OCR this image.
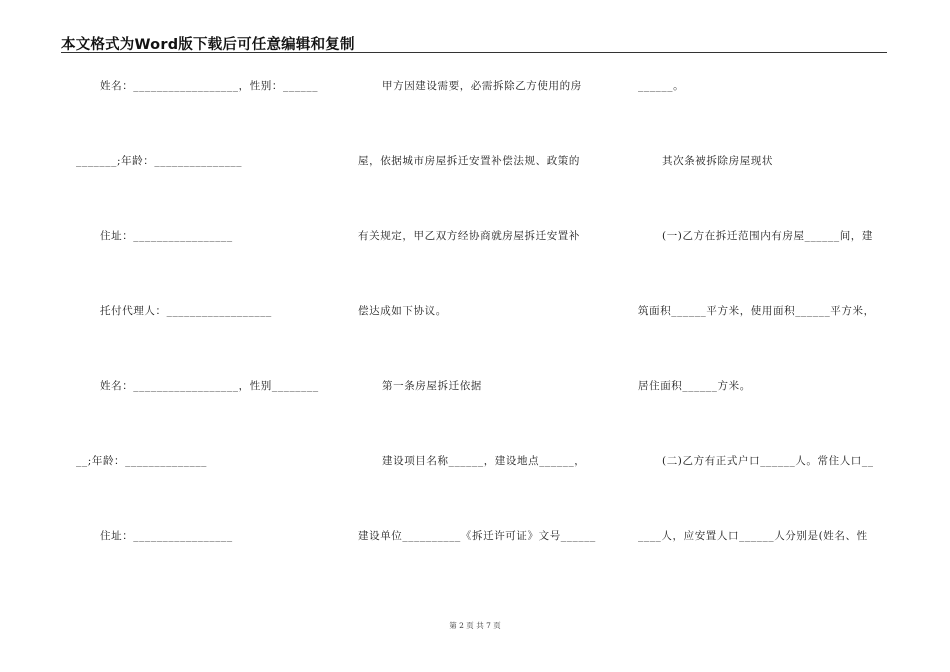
本文格式为Word版下载后可任意编辑和复制
姓名：__________________，性别：______
_______;年龄：_______________
住址：_________________
托付代理人：__________________
姓名：__________________，性别________
__;年龄：______________
住址：_________________
甲方因建设需要，必需拆除乙方使用的房
屋，依据城市房屋拆迁安置补偿法规、政策的
有关规定，甲乙双方经协商就房屋拆迁安置补
偿达成如下协议。
第一条房屋拆迁依据
建设项目名称______，建设地点______，
建设单位__________《拆迁许可证》文号______
______。
其次条被拆除房屋现状
(一)乙方在拆迁范围内有房屋______间，建
筑面积______平方米，使用面积______平方米，
居住面积______方米。
(二)乙方有正式户口______人。常住人口__
____人，应安置人口______人分别是(姓名、性
第 2 页 共 7 页
